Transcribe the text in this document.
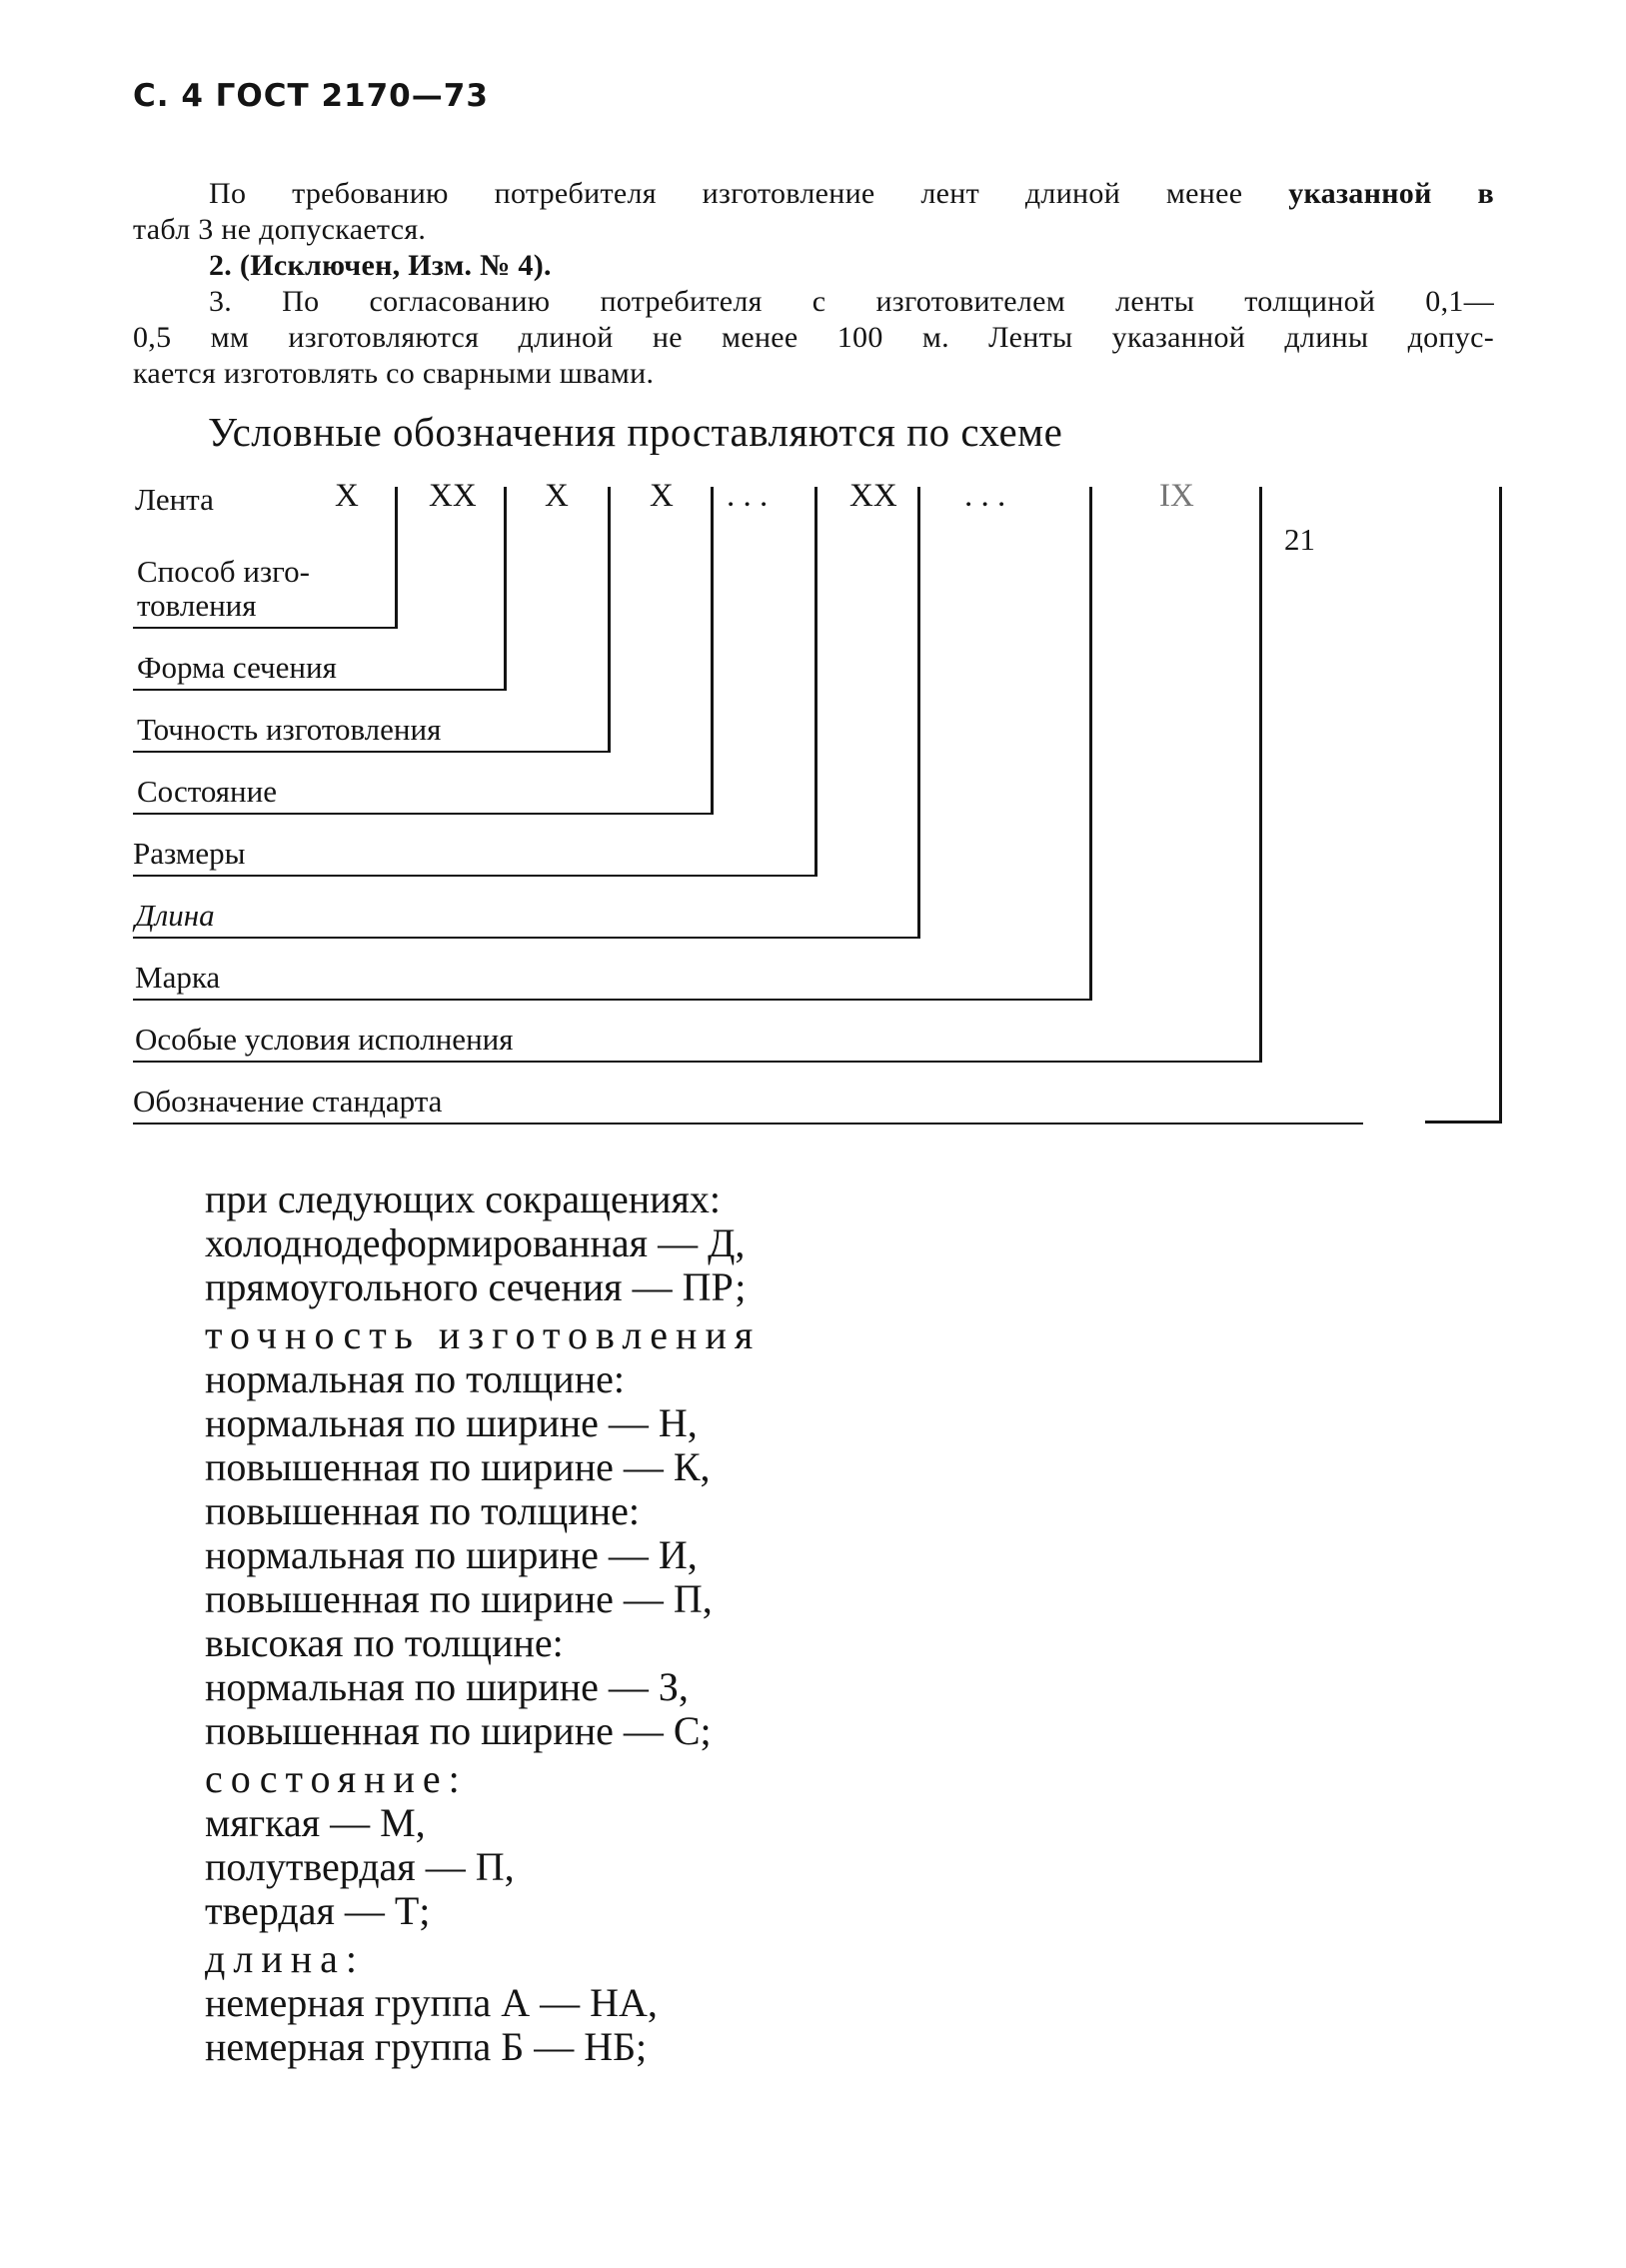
С. 4 ГОСТ 2170—73
По требованию потребителя изготовление лент длиной менее указанной в
табл 3 не допускается.
2. (Исключен, Изм. № 4).
3. По согласованию потребителя с изготовителем ленты толщиной 0,1—
0,5 мм изготовляются длиной не менее 100 м. Ленты указанной длины допус-
кается изготовлять со сварными швами.
Условные обозначения проставляются по схеме
Лента	X XX X X . . . XX . . .	IX
21
Способ изго-
товления
Форма сечения
Точность изготовления
Состояние
Размеры
Длина
Марка
Особые условия исполнения
Обозначение стандарта
при следующих сокращениях:
холоднодеформированная — Д,
прямоугольного сечения — ПР;
точность изготовления
нормальная по толщине:
нормальная по ширине — Н,
повышенная по ширине — К,
повышенная по толщине:
нормальная по ширине — И,
повышенная по ширине — П,
высокая по толщине:
нормальная по ширине — З,
повышенная по ширине — С;
состояние:
мягкая — М,
полутвердая — П,
твердая — Т;
длина:
немерная группа А — НА,
немерная группа Б — НБ;
